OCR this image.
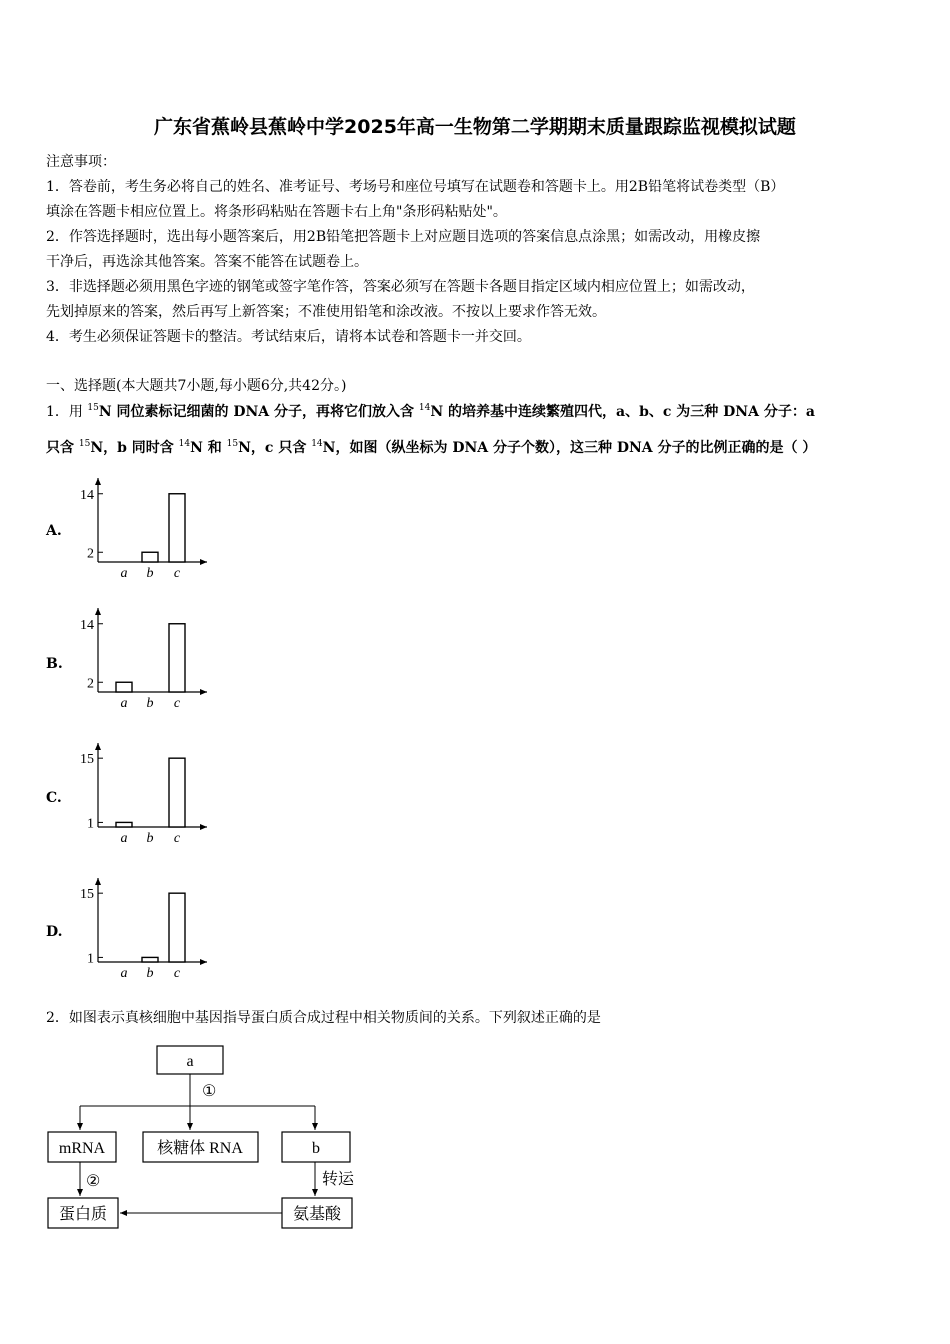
广东省蕉岭县蕉岭中学2025年高一生物第二学期期末质量跟踪监视模拟试题
注意事项：
1．答卷前，考生务必将自己的姓名、准考证号、考场号和座位号填写在试题卷和答题卡上。用2B铅笔将试卷类型（B）
填涂在答题卡相应位置上。将条形码粘贴在答题卡右上角"条形码粘贴处"。
2．作答选择题时，选出每小题答案后，用2B铅笔把答题卡上对应题目选项的答案信息点涂黑；如需改动，用橡皮擦
干净后，再选涂其他答案。答案不能答在试题卷上。
3．非选择题必须用黑色字迹的钢笔或签字笔作答，答案必须写在答题卡各题目指定区域内相应位置上；如需改动，
先划掉原来的答案，然后再写上新答案；不准使用铅笔和涂改液。不按以上要求作答无效。
4．考生必须保证答题卡的整洁。考试结束后，请将本试卷和答题卡一并交回。
一、选择题(本大题共7小题,每小题6分,共42分。)
1．用 $^{15}$N 同位素标记细菌的 DNA 分子，再将它们放入含 $^{14}$N 的培养基中连续繁殖四代，a、b、c 为三种 DNA 分子：a
只含 $^{15}$N，b 同时含 $^{14}$N 和 $^{15}$N，c 只含 $^{14}$N，如图（纵坐标为 DNA 分子个数），这三种 DNA 分子的比例正确的是（ ）
A.
14
2
a b c
B.
14
2
a b c
C.
15
1
a b c
D.
15
1
a b c
2．如图表示真核细胞中基因指导蛋白质合成过程中相关物质间的关系。下列叙述正确的是
a
①
mRNA	核糖体 RNA	b
②	转运
蛋白质	氨基酸
